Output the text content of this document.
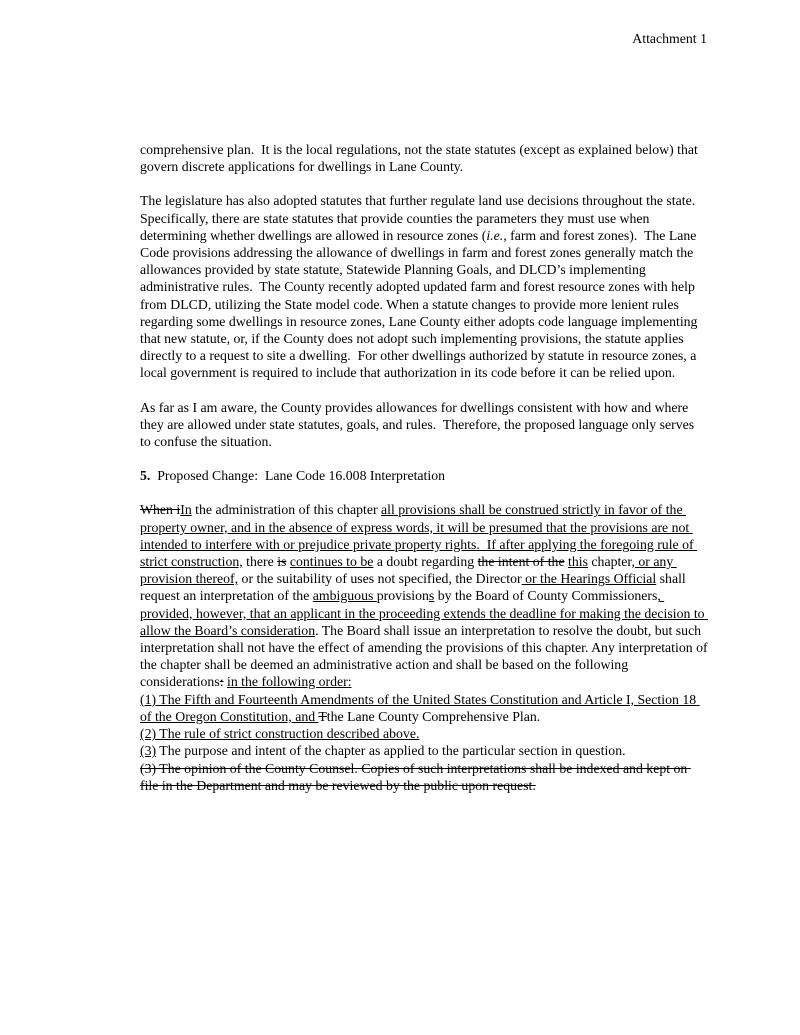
Attachment 1

comprehensive plan.  It is the local regulations, not the state statutes (except as explained below) that govern discrete applications for dwellings in Lane County.

The legislature has also adopted statutes that further regulate land use decisions throughout the state. Specifically, there are state statutes that provide counties the parameters they must use when determining whether dwellings are allowed in resource zones (i.e., farm and forest zones).  The Lane Code provisions addressing the allowance of dwellings in farm and forest zones generally match the allowances provided by state statute, Statewide Planning Goals, and DLCD’s implementing administrative rules.  The County recently adopted updated farm and forest resource zones with help from DLCD, utilizing the State model code. When a statute changes to provide more lenient rules regarding some dwellings in resource zones, Lane County either adopts code language implementing that new statute, or, if the County does not adopt such implementing provisions, the statute applies directly to a request to site a dwelling.  For other dwellings authorized by statute in resource zones, a local government is required to include that authorization in its code before it can be relied upon.

As far as I am aware, the County provides allowances for dwellings consistent with how and where they are allowed under state statutes, goals, and rules.  Therefore, the proposed language only serves to confuse the situation.

5.  Proposed Change:  Lane Code 16.008 Interpretation

When iIn the administration of this chapter all provisions shall be construed strictly in favor of the property owner, and in the absence of express words, it will be presumed that the provisions are not intended to interfere with or prejudice private property rights.  If after applying the foregoing rule of strict construction, there is continues to be a doubt regarding the intent of the this chapter, or any provision thereof, or the suitability of uses not specified, the Director or the Hearings Official shall request an interpretation of the ambiguous provisions by the Board of County Commissioners, provided, however, that an applicant in the proceeding extends the deadline for making the decision to allow the Board’s consideration. The Board shall issue an interpretation to resolve the doubt, but such interpretation shall not have the effect of amending the provisions of this chapter. Any interpretation of the chapter shall be deemed an administrative action and shall be based on the following considerations: in the following order:

(1) The Fifth and Fourteenth Amendments of the United States Constitution and Article I, Section 18 of the Oregon Constitution, and Tthe Lane County Comprehensive Plan.

(2) The rule of strict construction described above.

(3) The purpose and intent of the chapter as applied to the particular section in question.

(3) The opinion of the County Counsel. Copies of such interpretations shall be indexed and kept on file in the Department and may be reviewed by the public upon request.
